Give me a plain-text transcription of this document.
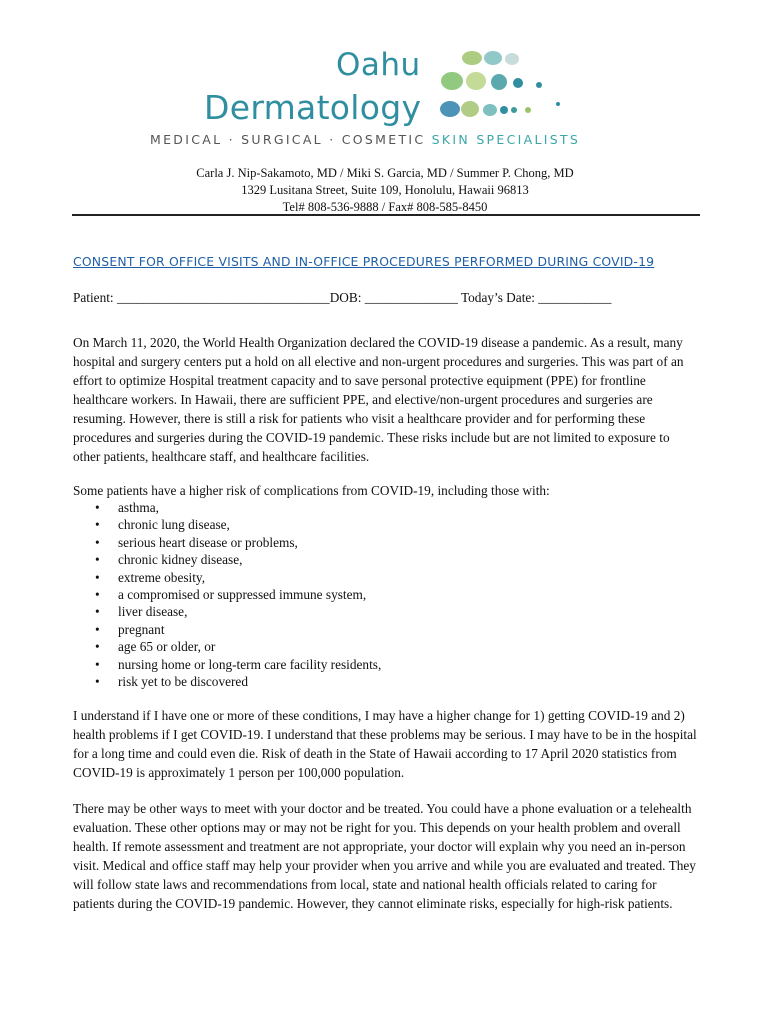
Oahu
Dermatology
MEDICAL · SURGICAL · COSMETIC SKIN SPECIALISTS
Carla J. Nip-Sakamoto, MD / Miki S. Garcia, MD / Summer P. Chong, MD
1329 Lusitana Street, Suite 109, Honolulu, Hawaii 96813
Tel# 808-536-9888 / Fax# 808-585-8450
CONSENT FOR OFFICE VISITS AND IN-OFFICE PROCEDURES PERFORMED DURING COVID-19
Patient: ________________________________DOB: ______________ Today’s Date: ___________

On March 11, 2020, the World Health Organization declared the COVID-19 disease a pandemic. As a result, many hospital and surgery centers put a hold on all elective and non-urgent procedures and surgeries. This was part of an effort to optimize Hospital treatment capacity and to save personal protective equipment (PPE) for frontline healthcare workers. In Hawaii, there are sufficient PPE, and elective/non-urgent procedures and surgeries are resuming. However, there is still a risk for patients who visit a healthcare provider and for performing these procedures and surgeries during the COVID-19 pandemic. These risks include but are not limited to exposure to other patients, healthcare staff, and healthcare facilities.

Some patients have a higher risk of complications from COVID-19, including those with:

• asthma,
• chronic lung disease,
• serious heart disease or problems,
• chronic kidney disease,
• extreme obesity,
• a compromised or suppressed immune system,
• liver disease,
• pregnant
• age 65 or older, or
• nursing home or long-term care facility residents,
• risk yet to be discovered

I understand if I have one or more of these conditions, I may have a higher change for 1) getting COVID-19 and 2) health problems if I get COVID-19. I understand that these problems may be serious. I may have to be in the hospital for a long time and could even die. Risk of death in the State of Hawaii according to 17 April 2020 statistics from COVID-19 is approximately 1 person per 100,000 population.

There may be other ways to meet with your doctor and be treated. You could have a phone evaluation or a telehealth evaluation. These other options may or may not be right for you. This depends on your health problem and overall health. If remote assessment and treatment are not appropriate, your doctor will explain why you need an in-person visit. Medical and office staff may help your provider when you arrive and while you are evaluated and treated. They will follow state laws and recommendations from local, state and national health officials related to caring for patients during the COVID-19 pandemic. However, they cannot eliminate risks, especially for high-risk patients.
